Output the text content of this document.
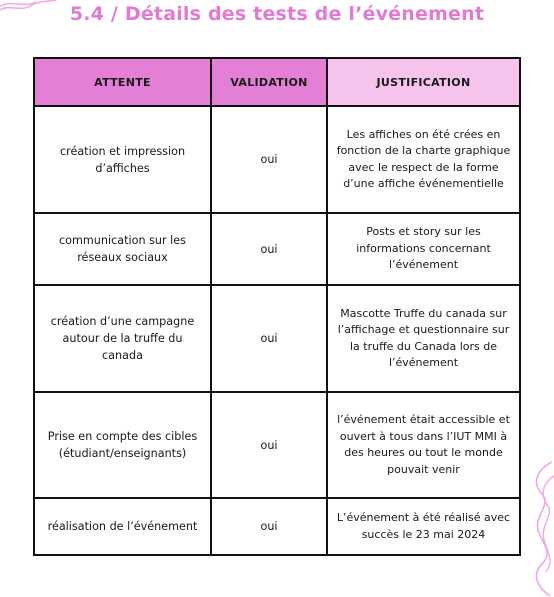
5.4 / Détails des tests de l’événement
ATTENTE	VALIDATION	JUSTIFICATION
création et impression d’affiches	oui	Les affiches on été crées en fonction de la charte graphique avec le respect de la forme d’une affiche événementielle
communication sur les réseaux sociaux	oui	Posts et story sur les informations concernant l’événement
création d’une campagne autour de la truffe du canada	oui	Mascotte Truffe du canada sur l’affichage et questionnaire sur la truffe du Canada lors de l’événement
Prise en compte des cibles (étudiant/enseignants)	oui	l’événement était accessible et ouvert à tous dans l’IUT MMI à des heures ou tout le monde pouvait venir
réalisation de l’événement	oui	L’événement à été réalisé avec succès le 23 mai 2024
